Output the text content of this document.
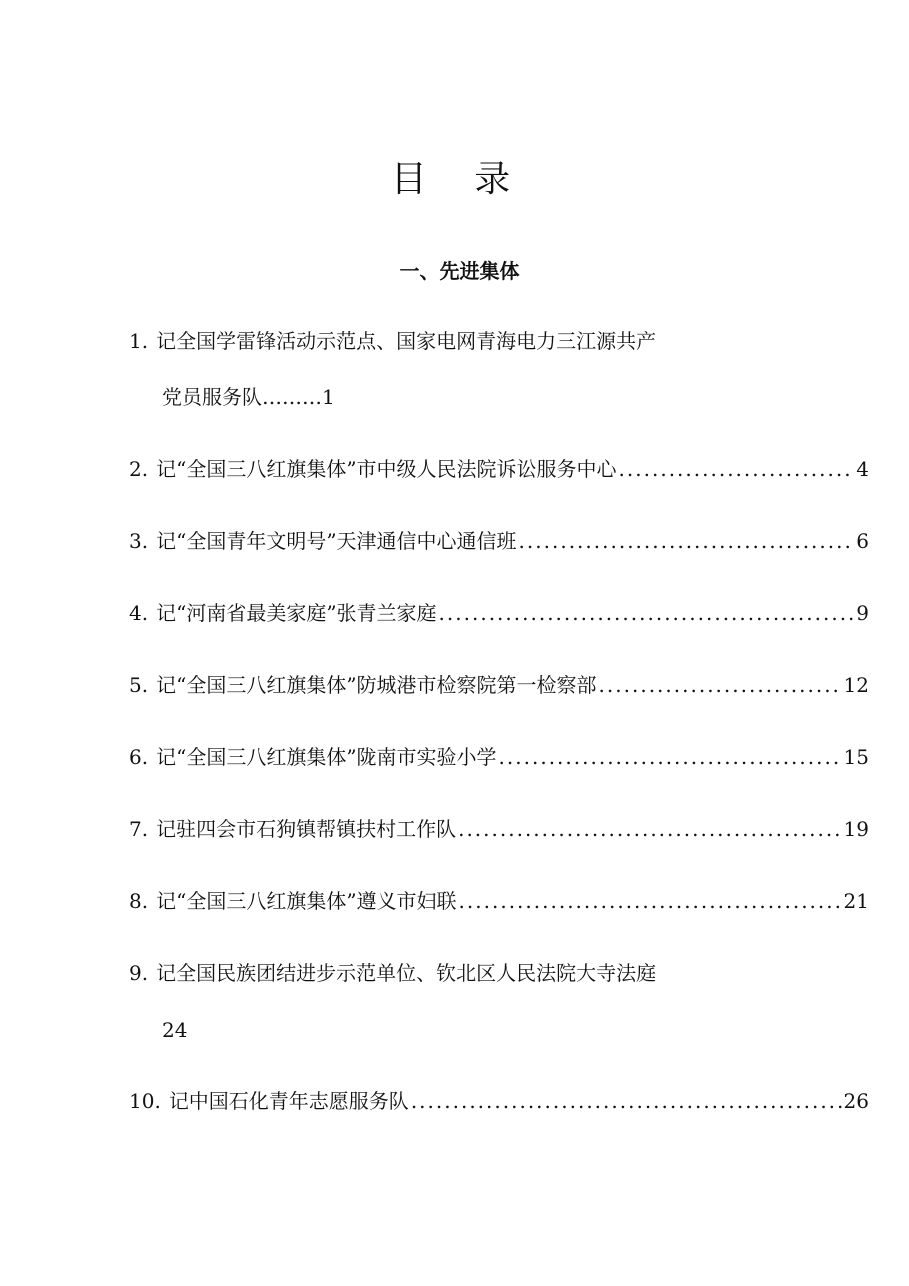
目 录
一、先进集体
1. 记全国学雷锋活动示范点、国家电网青海电力三江源共产
党员服务队………1
2. 记“全国三八红旗集体”市中级人民法院诉讼服务中心 .....	4
3. 记“全国青年文明号”天津通信中心通信班 .....	6
4. 记“河南省最美家庭”张青兰家庭 .....	9
5. 记“全国三八红旗集体”防城港市检察院第一检察部 .....	12
6. 记“全国三八红旗集体”陇南市实验小学 .....	15
7. 记驻四会市石狗镇帮镇扶村工作队 .....	19
8. 记“全国三八红旗集体”遵义市妇联 .....	21
9. 记全国民族团结进步示范单位、钦北区人民法院大寺法庭
24
10. 记中国石化青年志愿服务队 .....	26
